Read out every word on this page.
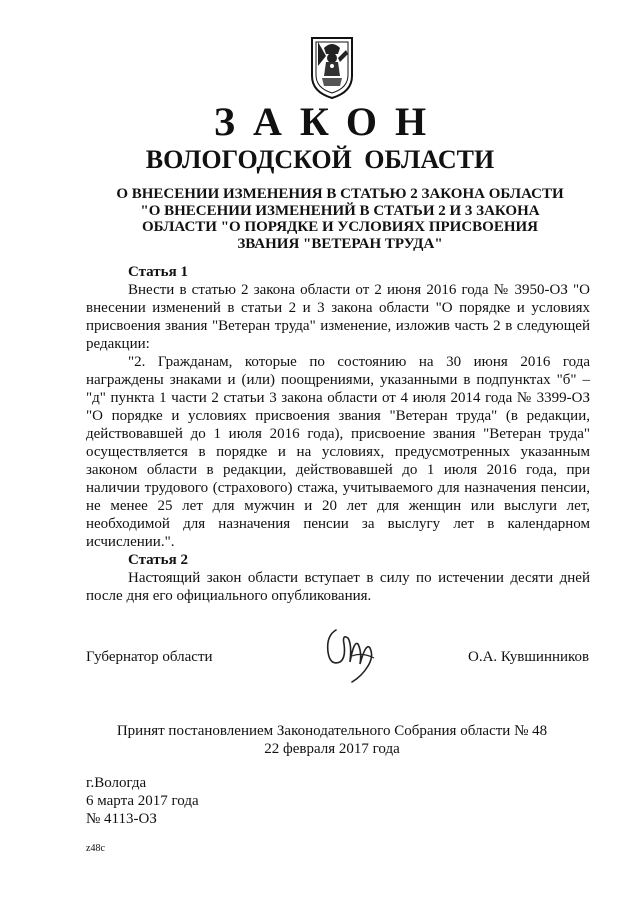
ЗАКОН
ВОЛОГОДСКОЙ ОБЛАСТИ
О ВНЕСЕНИИ ИЗМЕНЕНИЯ В СТАТЬЮ 2 ЗАКОНА ОБЛАСТИ "О ВНЕСЕНИИ ИЗМЕНЕНИЙ В СТАТЬИ 2 И 3 ЗАКОНА ОБЛАСТИ "О ПОРЯДКЕ И УСЛОВИЯХ ПРИСВОЕНИЯ ЗВАНИЯ "ВЕТЕРАН ТРУДА"
Статья 1

Внести в статью 2 закона области от 2 июня 2016 года № 3950-ОЗ "О внесении изменений в статьи 2 и 3 закона области "О порядке и условиях присвоения звания "Ветеран труда" изменение, изложив часть 2 в следующей редакции:

"2. Гражданам, которые по состоянию на 30 июня 2016 года награждены знаками и (или) поощрениями, указанными в подпунктах "б" – "д" пункта 1 части 2 статьи 3 закона области от 4 июля 2014 года № 3399-ОЗ "О порядке и условиях присвоения звания "Ветеран труда" (в редакции, действовавшей до 1 июля 2016 года), присвоение звания "Ветеран труда" осуществляется в порядке и на условиях, предусмотренных указанным законом области в редакции, действовавшей до 1 июля 2016 года, при наличии трудового (страхового) стажа, учитываемого для назначения пенсии, не менее 25 лет для мужчин и 20 лет для женщин или выслуги лет, необходимой для назначения пенсии за выслугу лет в календарном исчислении.".

Статья 2

Настоящий закон области вступает в силу по истечении десяти дней после дня его официального опубликования.

Губернатор области	О.А. Кувшинников
Принят постановлением Законодательного Собрания области № 48
22 февраля 2017 года
г.Вологда
6 марта 2017 года
№ 4113-ОЗ
z48c
